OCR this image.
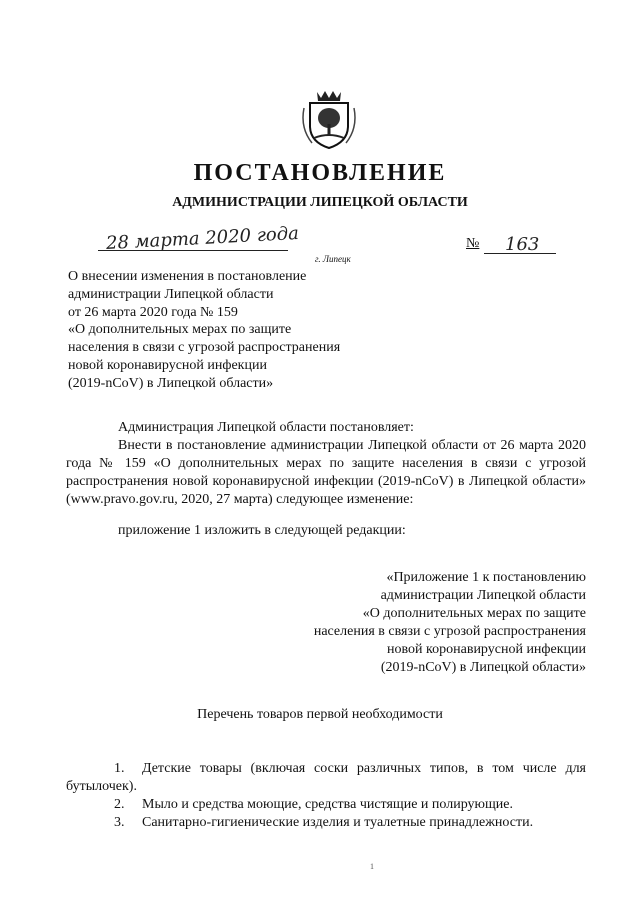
ПОСТАНОВЛЕНИЕ
АДМИНИСТРАЦИИ ЛИПЕЦКОЙ ОБЛАСТИ
28 марта 2020 года
г. Липецк
№ 163
О внесении изменения в постановление
администрации Липецкой области
от 26 марта 2020 года № 159
«О дополнительных мерах по защите
населения в связи с угрозой распространения
новой коронавирусной инфекции
(2019-nCoV) в Липецкой области»
Администрация Липецкой области постановляет:
Внести в постановление администрации Липецкой области от 26 марта 2020 года № 159 «О дополнительных мерах по защите населения в связи с угрозой распространения новой коронавирусной инфекции (2019-nCoV) в Липецкой области» (www.pravo.gov.ru, 2020, 27 марта) следующее изменение:
приложение 1 изложить в следующей редакции:
«Приложение 1 к постановлению
администрации Липецкой области
«О дополнительных мерах по защите
населения в связи с угрозой распространения
новой коронавирусной инфекции
(2019-nCoV) в Липецкой области»
Перечень товаров первой необходимости
1. Детские товары (включая соски различных типов, в том числе для бутылочек).
2. Мыло и средства моющие, средства чистящие и полирующие.
3. Санитарно-гигиенические изделия и туалетные принадлежности.
1
